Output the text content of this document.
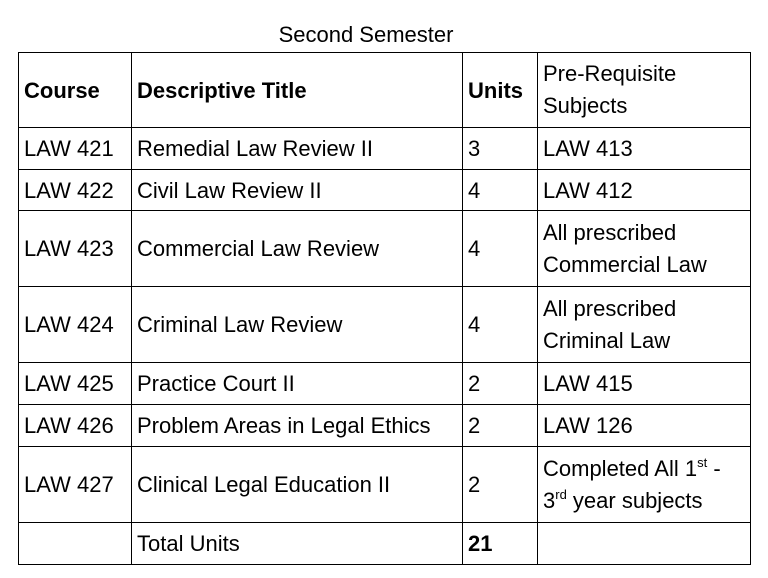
Second Semester
Course	Descriptive Title	Units	Pre-Requisite Subjects
LAW 421	Remedial Law Review II	3	LAW 413
LAW 422	Civil Law Review II	4	LAW 412
LAW 423	Commercial Law Review	4	All prescribed Commercial Law
LAW 424	Criminal Law Review	4	All prescribed Criminal Law
LAW 425	Practice Court II	2	LAW 415
LAW 426	Problem Areas in Legal Ethics	2	LAW 126
LAW 427	Clinical Legal Education II	2	Completed All 1st - 3rd year subjects
	Total Units	21	
